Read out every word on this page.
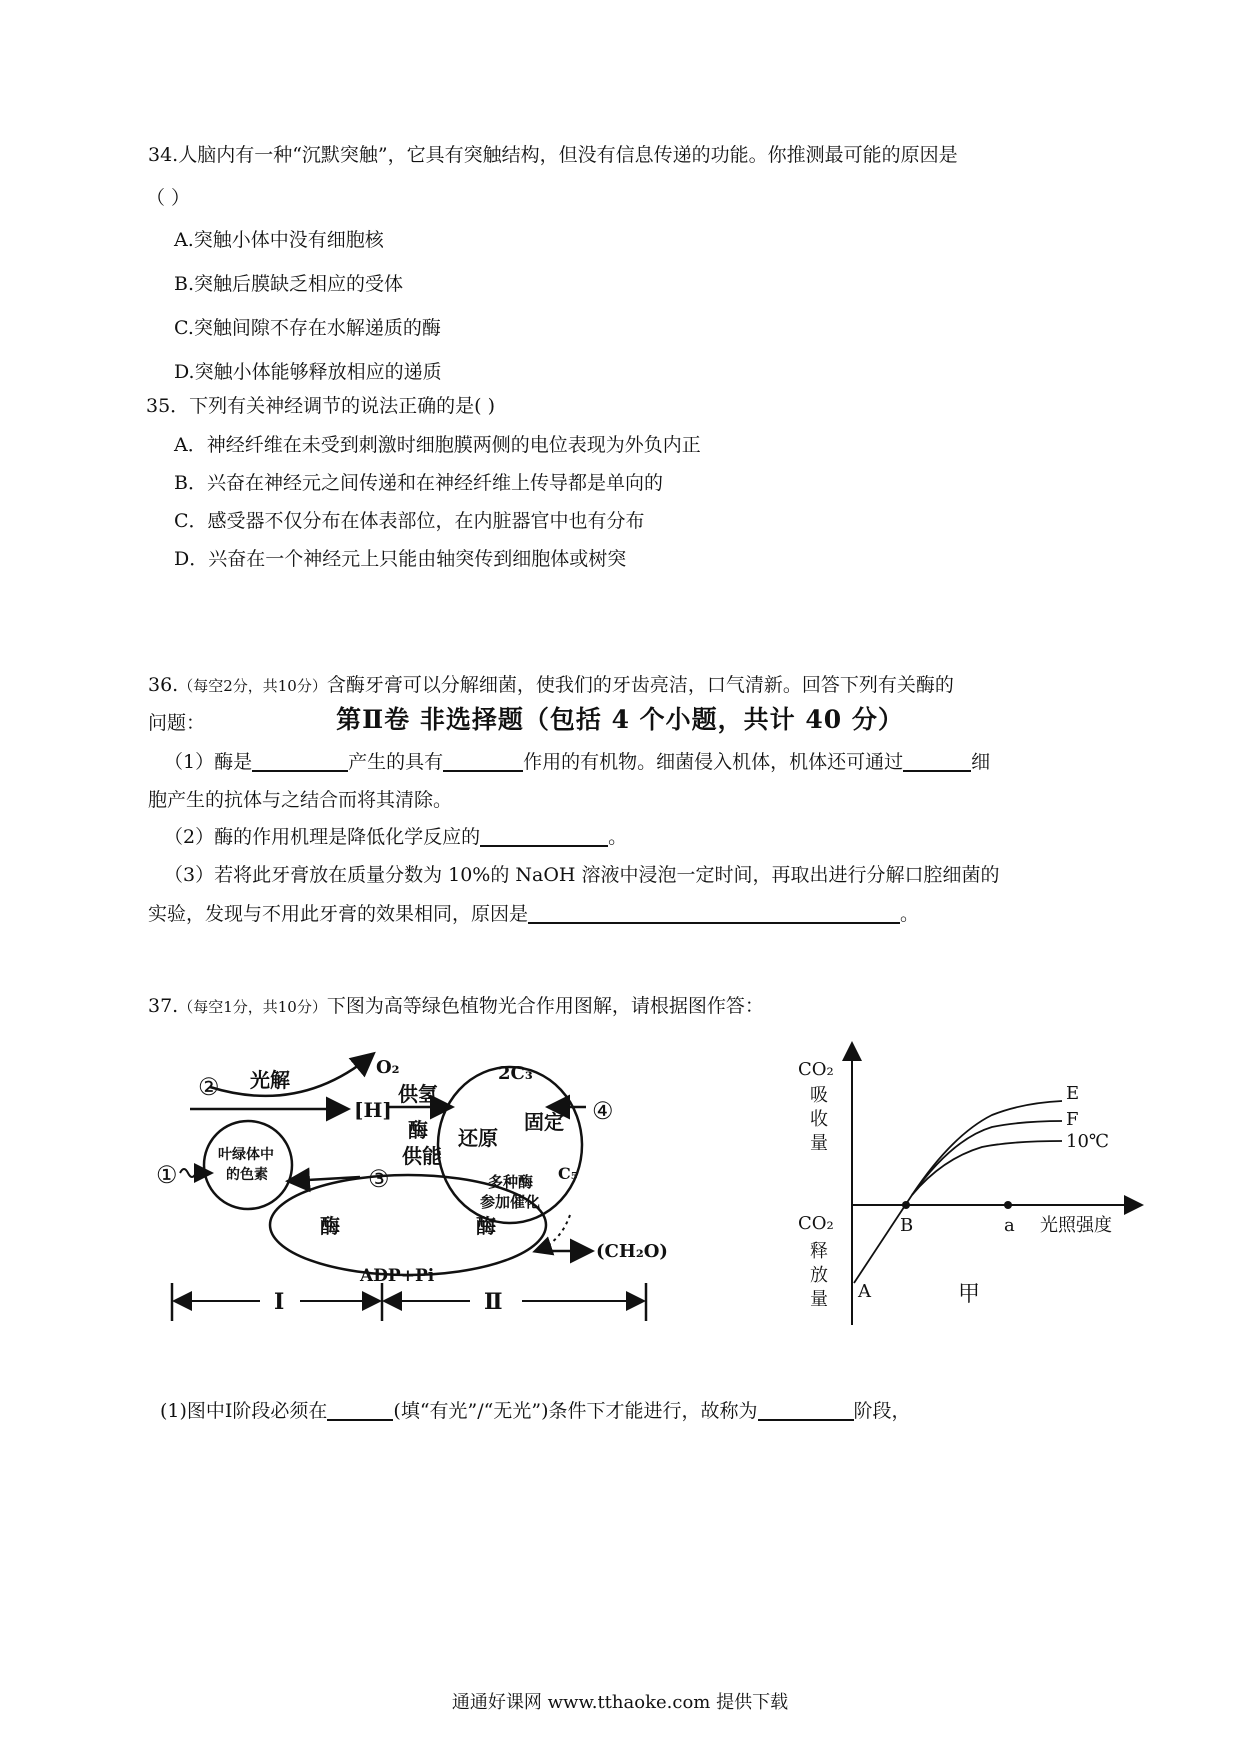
34.人脑内有一种“沉默突触”，它具有突触结构，但没有信息传递的功能。你推测最可能的原因是
（ ）
A.突触小体中没有细胞核
B.突触后膜缺乏相应的受体
C.突触间隙不存在水解递质的酶
D.突触小体能够释放相应的递质
35．下列有关神经调节的说法正确的是( )
A．神经纤维在未受到刺激时细胞膜两侧的电位表现为外负内正
B．兴奋在神经元之间传递和在神经纤维上传导都是单向的
C．感受器不仅分布在体表部位，在内脏器官中也有分布
D．兴奋在一个神经元上只能由轴突传到细胞体或树突
第Ⅱ卷 非选择题（包括 4 个小题，共计 40 分）
36.（每空2分，共10分）含酶牙膏可以分解细菌，使我们的牙齿亮洁，口气清新。回答下列有关酶的
问题：
（1）酶是	产生的具有	作用的有机物。细菌侵入机体，机体还可通过	细
胞产生的抗体与之结合而将其清除。
（2）酶的作用机理是降低化学反应的	。
（3）若将此牙膏放在质量分数为 10%的 NaOH 溶液中浸泡一定时间，再取出进行分解口腔细菌的
实验，发现与不用此牙膏的效果相同，原因是	。
37.（每空1分，共10分）下图为高等绿色植物光合作用图解，请根据图作答：
②
①	③
④
光解
O₂
[H]
供氢
酶
供能
叶绿体中
的色素
2C₃
固定
还原
C₅
多种酶
参加催化
(CH₂O)
酶	酶
ADP+Pi
Ⅰ	Ⅱ
CO₂
吸
收
量
CO₂
释
放
量
光照强度
E
F
10℃
B	a
A	甲
(1)图中Ⅰ阶段必须在	(填“有光”/“无光”)条件下才能进行，故称为	阶段，
通通好课网 www.tthaoke.com 提供下载
